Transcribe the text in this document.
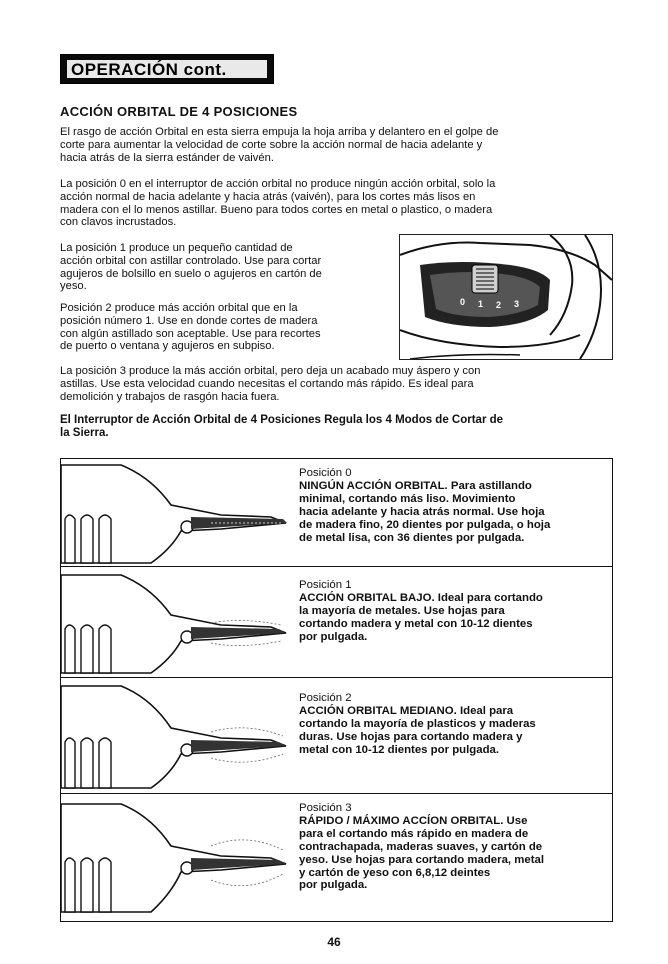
OPERACIÓN cont.
ACCIÓN ORBITAL DE 4 POSICIONES
El rasgo de acción Orbital en esta sierra empuja la hoja arriba y delantero en el golpe de
corte para aumentar la velocidad de corte sobre la acción normal de hacia adelante y
hacia atrás de la sierra estánder de vaivén.
La posición 0 en el interruptor de acción orbital no produce ningún acción orbital, solo la
acción normal de hacia adelante y hacia atrás (vaivén), para los cortes más lisos en
madera con el lo menos astillar. Bueno para todos cortes en metal o plastico, o madera
con clavos incrustados.
La posición 1 produce un pequeño cantidad de
acción orbital con astillar controlado. Use para cortar
agujeros de bolsillo en suelo o agujeros en cartón de
yeso.
Posición 2 produce más acción orbital que en la
posición número 1. Use en donde cortes de madera
con algún astillado son aceptable. Use para recortes
de puerto o ventana y agujeros en subpiso.
La posición 3 produce la más acción orbital, pero deja un acabado muy áspero y con
astillas. Use esta velocidad cuando necesitas el cortando más rápido. Es ideal para
demolición y trabajos de rasgón hacia fuera.
El Interruptor de Acción Orbital de 4 Posiciones Regula los 4 Modos de Cortar de
la Sierra.
0 1 2 3
Posición 0
NINGÚN ACCIÓN ORBITAL. Para astillando
minimal, cortando más liso. Movimiento
hacia adelante y hacia atrás normal. Use hoja
de madera fino, 20 dientes por pulgada, o hoja
de metal lisa, con 36 dientes por pulgada.
Posición 1
ACCIÓN ORBITAL BAJO. Ideal para cortando
la mayoría de metales. Use hojas para
cortando madera y metal con 10-12 dientes
por pulgada.
Posición 2
ACCIÓN ORBITAL MEDIANO. Ideal para
cortando la mayoría de plasticos y maderas
duras. Use hojas para cortando madera y
metal con 10-12 dientes por pulgada.
Posición 3
RÁPIDO / MÁXIMO ACCÍON ORBITAL. Use
para el cortando más rápido en madera de
contrachapada, maderas suaves, y cartón de
yeso. Use hojas para cortando madera, metal
y cartón de yeso con 6,8,12 deintes
por pulgada.
46
